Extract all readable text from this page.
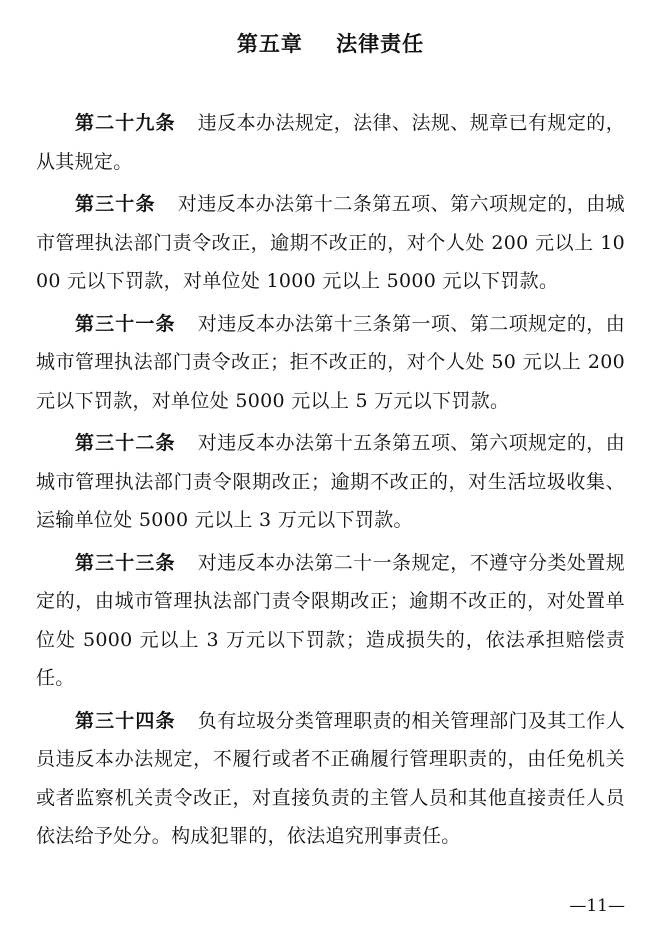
第五章    法律责任

第二十九条 违反本办法规定，法律、法规、规章已有规定的，从其规定。

第三十条 对违反本办法第十二条第五项、第六项规定的，由城市管理执法部门责令改正，逾期不改正的，对个人处 200 元以上 1000 元以下罚款，对单位处 1000 元以上 5000 元以下罚款。

第三十一条 对违反本办法第十三条第一项、第二项规定的，由城市管理执法部门责令改正；拒不改正的，对个人处 50 元以上 200 元以下罚款，对单位处 5000 元以上 5 万元以下罚款。

第三十二条 对违反本办法第十五条第五项、第六项规定的，由城市管理执法部门责令限期改正；逾期不改正的，对生活垃圾收集、运输单位处 5000 元以上 3 万元以下罚款。

第三十三条 对违反本办法第二十一条规定，不遵守分类处置规定的，由城市管理执法部门责令限期改正；逾期不改正的，对处置单位处 5000 元以上 3 万元以下罚款；造成损失的，依法承担赔偿责任。

第三十四条 负有垃圾分类管理职责的相关管理部门及其工作人员违反本办法规定，不履行或者不正确履行管理职责的，由任免机关或者监察机关责令改正，对直接负责的主管人员和其他直接责任人员依法给予处分。构成犯罪的，依法追究刑事责任。

—11—
